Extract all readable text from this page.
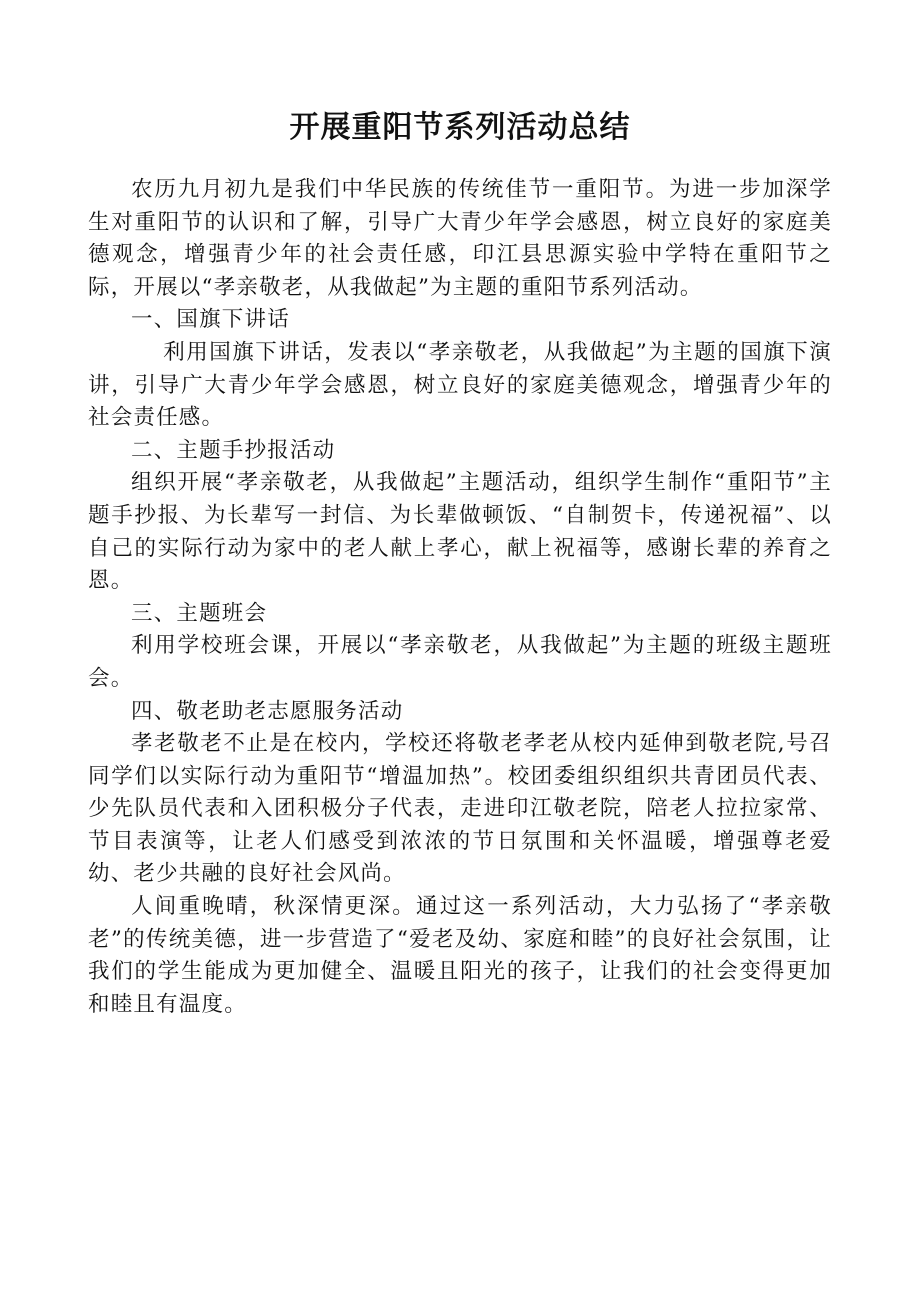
开展重阳节系列活动总结

农历九月初九是我们中华民族的传统佳节一重阳节。为进一步加深学生对重阳节的认识和了解，引导广大青少年学会感恩，树立良好的家庭美德观念，增强青少年的社会责任感，印江县思源实验中学特在重阳节之际，开展以“孝亲敬老，从我做起”为主题的重阳节系列活动。

一、国旗下讲话

利用国旗下讲话，发表以“孝亲敬老，从我做起”为主题的国旗下演讲，引导广大青少年学会感恩，树立良好的家庭美德观念，增强青少年的社会责任感。

二、主题手抄报活动

组织开展“孝亲敬老，从我做起”主题活动，组织学生制作“重阳节”主题手抄报、为长辈写一封信、为长辈做顿饭、“自制贺卡，传递祝福”、以自己的实际行动为家中的老人献上孝心，献上祝福等，感谢长辈的养育之恩。

三、主题班会

利用学校班会课，开展以“孝亲敬老，从我做起”为主题的班级主题班会。

四、敬老助老志愿服务活动

孝老敬老不止是在校内，学校还将敬老孝老从校内延伸到敬老院,号召同学们以实际行动为重阳节“增温加热”。校团委组织组织共青团员代表、少先队员代表和入团积极分子代表，走进印江敬老院，陪老人拉拉家常、节目表演等，让老人们感受到浓浓的节日氛围和关怀温暖，增强尊老爱幼、老少共融的良好社会风尚。

人间重晚晴，秋深情更深。通过这一系列活动，大力弘扬了“孝亲敬老”的传统美德，进一步营造了“爱老及幼、家庭和睦”的良好社会氛围，让我们的学生能成为更加健全、温暖且阳光的孩子，让我们的社会变得更加和睦且有温度。
